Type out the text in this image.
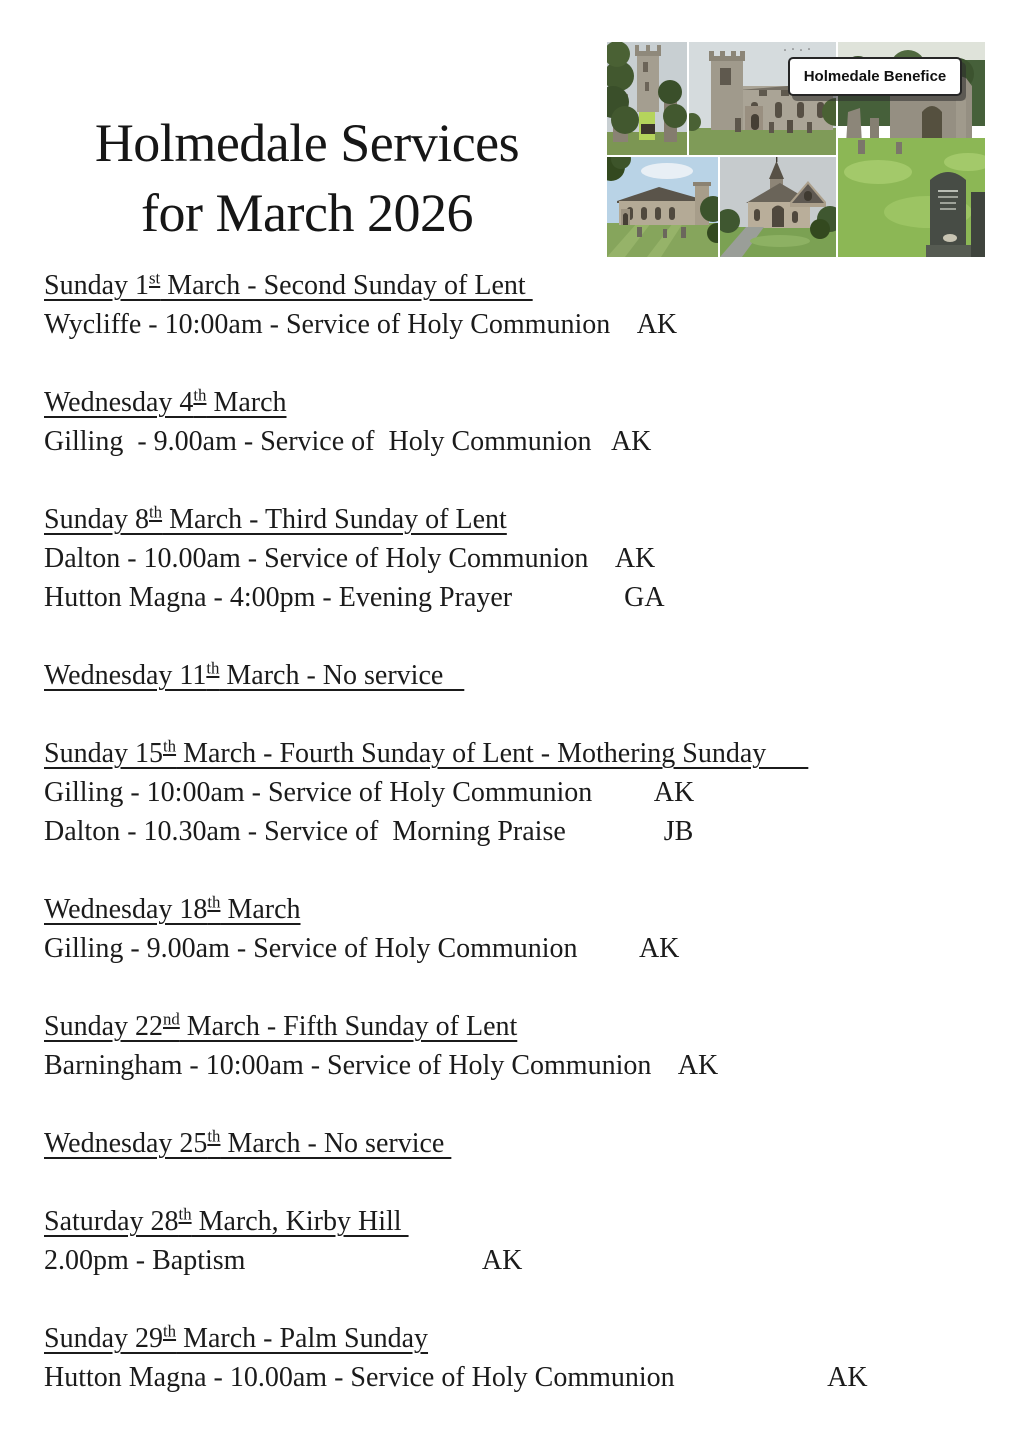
Holmedale Services
for March 2026
Holmedale Benefice

Sunday 1st March - Second Sunday of Lent

Wycliffe - 10:00am - Service of Holy Communion    AK

Wednesday 4th March

Gilling  - 9.00am - Service of  Holy Communion   AK

Sunday 8th March - Third Sunday of Lent

Dalton - 10.00am - Service of Holy Communion    AK

Hutton Magna - 4:00pm - Evening Prayer                GA

Wednesday 11th March - No service

Sunday 15th March - Fourth Sunday of Lent - Mothering Sunday

Gilling - 10:00am - Service of Holy Communion         AK

Dalton - 10.30am - Service of  Morning Praise              JB

Wednesday 18th March

Gilling - 9.00am - Service of Holy Communion         AK

Sunday 22nd March - Fifth Sunday of Lent

Barningham - 10:00am - Service of Holy Communion    AK

Wednesday 25th March - No service

Saturday 28th March, Kirby Hill

2.00pm - Baptism                                  AK

Sunday 29th March - Palm Sunday

Hutton Magna - 10.00am - Service of Holy Communion                      AK
